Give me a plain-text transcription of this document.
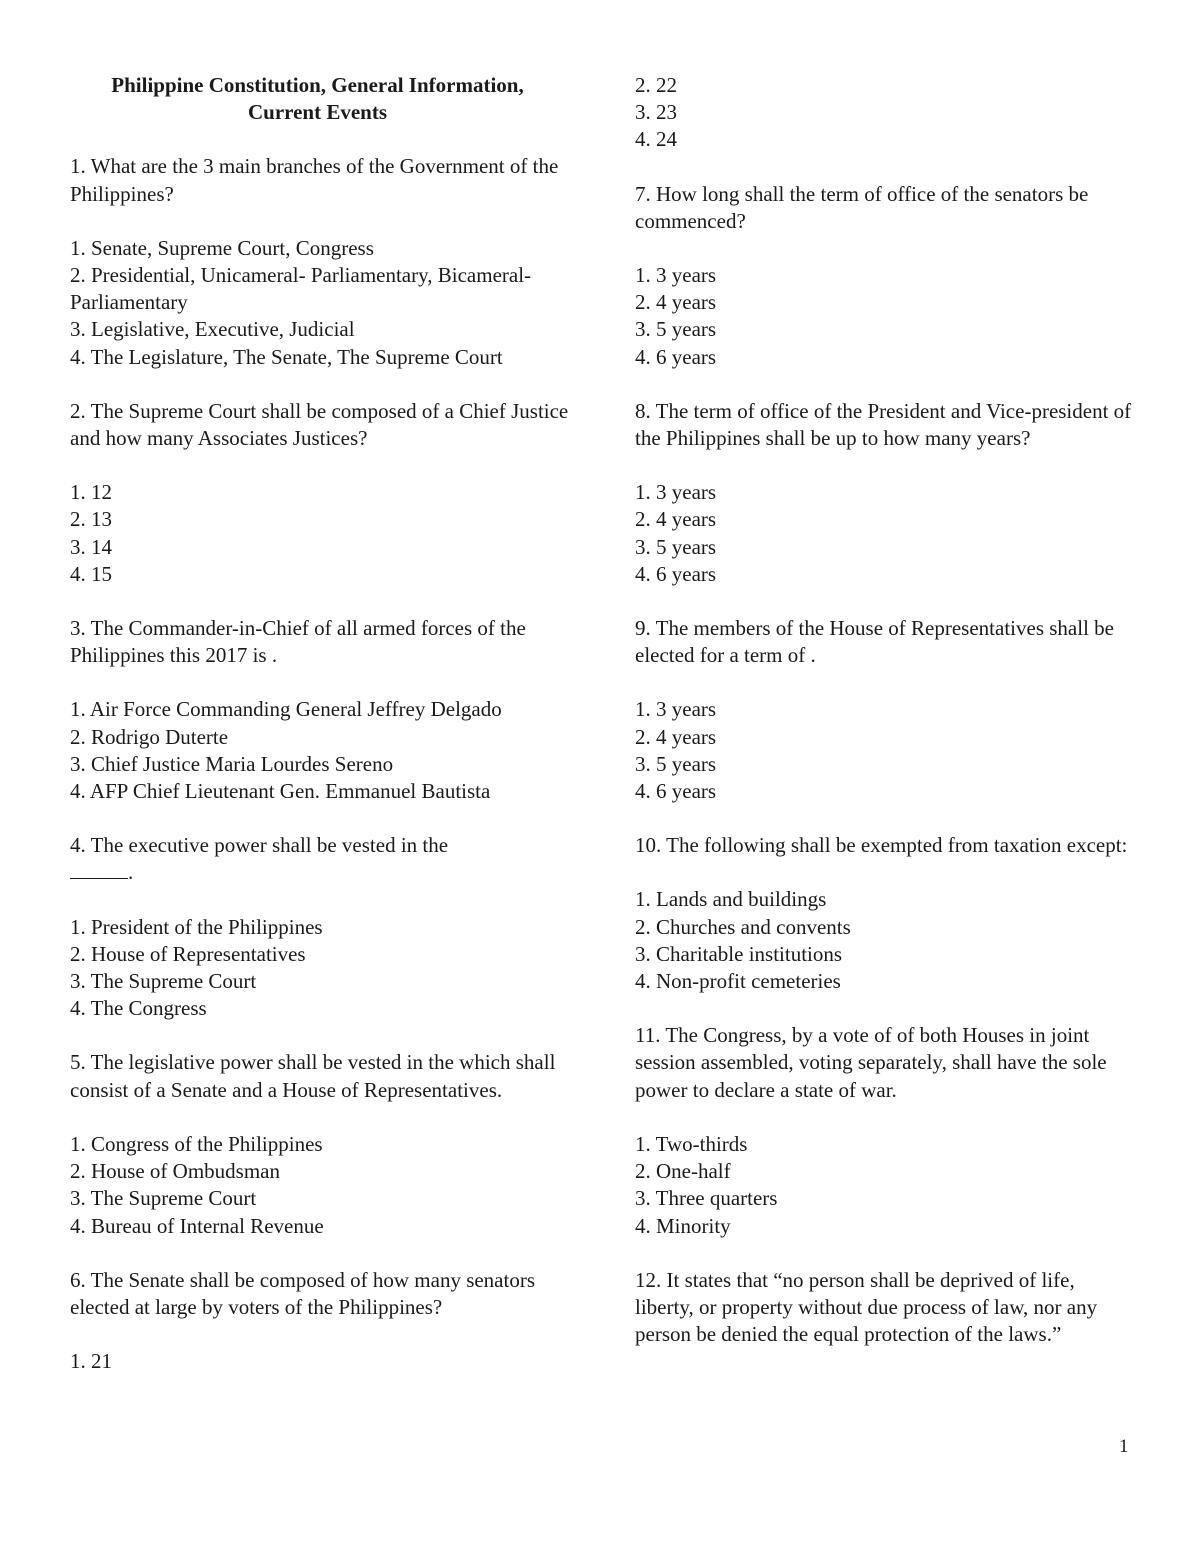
Philippine Constitution, General Information,
Current Events
1. What are the 3 main branches of the Government of the Philippines?
1. Senate, Supreme Court, Congress
2. Presidential, Unicameral- Parliamentary, Bicameral-Parliamentary
3. Legislative, Executive, Judicial
4. The Legislature, The Senate, The Supreme Court
2. The Supreme Court shall be composed of a Chief Justice and how many Associates Justices?
1. 12
2. 13
3. 14
4. 15
3. The Commander-in-Chief of all armed forces of the Philippines this 2017 is .
1. Air Force Commanding General Jeffrey Delgado
2. Rodrigo Duterte
3. Chief Justice Maria Lourdes Sereno
4. AFP Chief Lieutenant Gen. Emmanuel Bautista
4. The executive power shall be vested in the
.
1. President of the Philippines
2. House of Representatives
3. The Supreme Court
4. The Congress
5. The legislative power shall be vested in the which shall consist of a Senate and a House of Representatives.
1. Congress of the Philippines
2. House of Ombudsman
3. The Supreme Court
4. Bureau of Internal Revenue
6. The Senate shall be composed of how many senators elected at large by voters of the Philippines?
1. 21
2. 22
3. 23
4. 24
7. How long shall the term of office of the senators be commenced?
1. 3 years
2. 4 years
3. 5 years
4. 6 years
8. The term of office of the President and Vice-president of the Philippines shall be up to how many years?
1. 3 years
2. 4 years
3. 5 years
4. 6 years
9. The members of the House of Representatives shall be elected for a term of .
1. 3 years
2. 4 years
3. 5 years
4. 6 years
10. The following shall be exempted from taxation except:
1. Lands and buildings
2. Churches and convents
3. Charitable institutions
4. Non-profit cemeteries
11. The Congress, by a vote of of both Houses in joint session assembled, voting separately, shall have the sole power to declare a state of war.
1. Two-thirds
2. One-half
3. Three quarters
4. Minority
12. It states that “no person shall be deprived of life, liberty, or property without due process of law, nor any person be denied the equal protection of the laws.”
1
